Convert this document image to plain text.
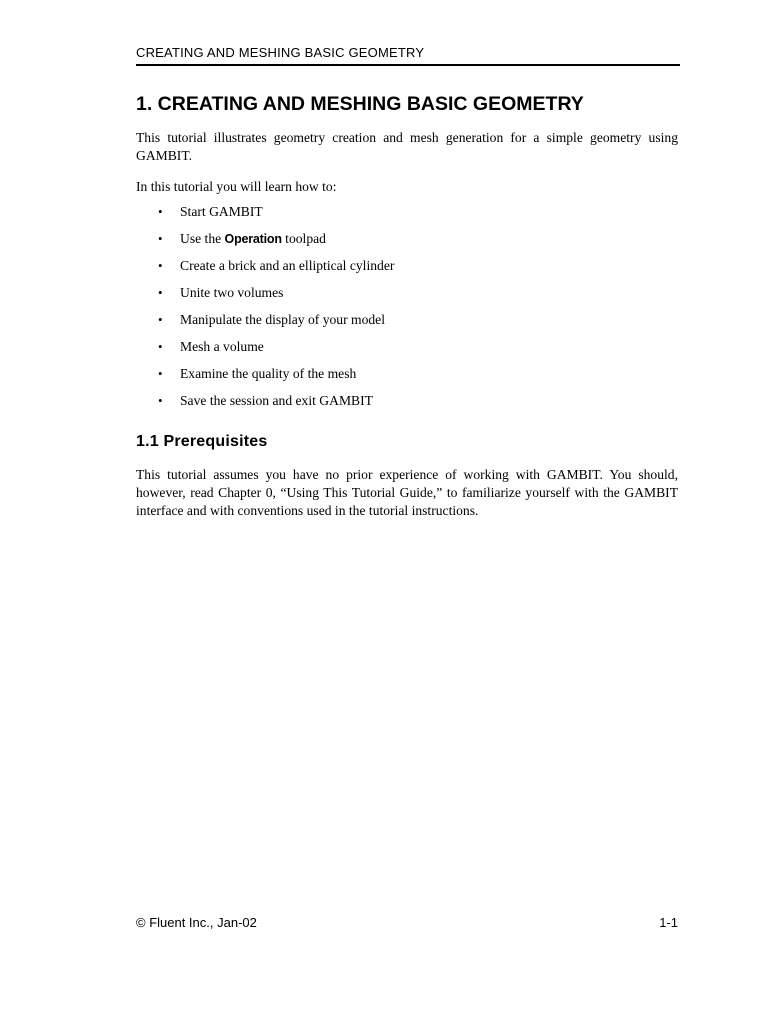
CREATING AND MESHING BASIC GEOMETRY
1. CREATING AND MESHING BASIC GEOMETRY

This tutorial illustrates geometry creation and mesh generation for a simple geometry using GAMBIT.

In this tutorial you will learn how to:

• Start GAMBIT
• Use the Operation toolpad
• Create a brick and an elliptical cylinder
• Unite two volumes
• Manipulate the display of your model
• Mesh a volume
• Examine the quality of the mesh
• Save the session and exit GAMBIT
1.1 Prerequisites

This tutorial assumes you have no prior experience of working with GAMBIT. You should, however, read Chapter 0, “Using This Tutorial Guide,” to familiarize yourself with the GAMBIT interface and with conventions used in the tutorial instructions.

© Fluent Inc., Jan-02	1-1
